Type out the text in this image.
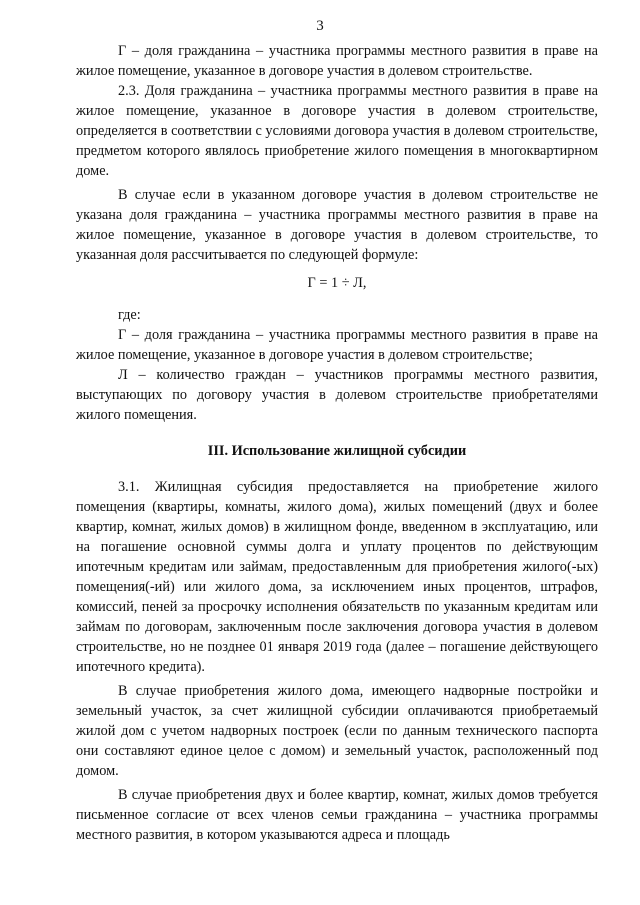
3

Г – доля гражданина – участника программы местного развития в праве на жилое помещение, указанное в договоре участия в долевом строительстве.

2.3. Доля гражданина – участника программы местного развития в праве на жилое помещение, указанное в договоре участия в долевом строительстве, определяется в соответствии с условиями договора участия в долевом строительстве, предметом которого являлось приобретение жилого помещения в многоквартирном доме.

В случае если в указанном договоре участия в долевом строительстве не указана доля гражданина – участника программы местного развития в праве на жилое помещение, указанное в договоре участия в долевом строительстве, то указанная доля рассчитывается по следующей формуле:

Г = 1 ÷ Л,

где:

Г – доля гражданина – участника программы местного развития в праве на жилое помещение, указанное в договоре участия в долевом строительстве;

Л – количество граждан – участников программы местного развития, выступающих по договору участия в долевом строительстве приобретателями жилого помещения.

III. Использование жилищной субсидии

3.1. Жилищная субсидия предоставляется на приобретение жилого помещения (квартиры, комнаты, жилого дома), жилых помещений (двух и более квартир, комнат, жилых домов) в жилищном фонде, введенном в эксплуатацию, или на погашение основной суммы долга и уплату процентов по действующим ипотечным кредитам или займам, предоставленным для приобретения жилого(-ых) помещения(-ий) или жилого дома, за исключением иных процентов, штрафов, комиссий, пеней за просрочку исполнения обязательств по указанным кредитам или займам по договорам, заключенным после заключения договора участия в долевом строительстве, но не позднее 01 января 2019 года (далее – погашение действующего ипотечного кредита).

В случае приобретения жилого дома, имеющего надворные постройки и земельный участок, за счет жилищной субсидии оплачиваются приобретаемый жилой дом с учетом надворных построек (если по данным технического паспорта они составляют единое целое с домом) и земельный участок, расположенный под домом.

В случае приобретения двух и более квартир, комнат, жилых домов требуется письменное согласие от всех членов семьи гражданина – участника программы местного развития, в котором указываются адреса и площадь
